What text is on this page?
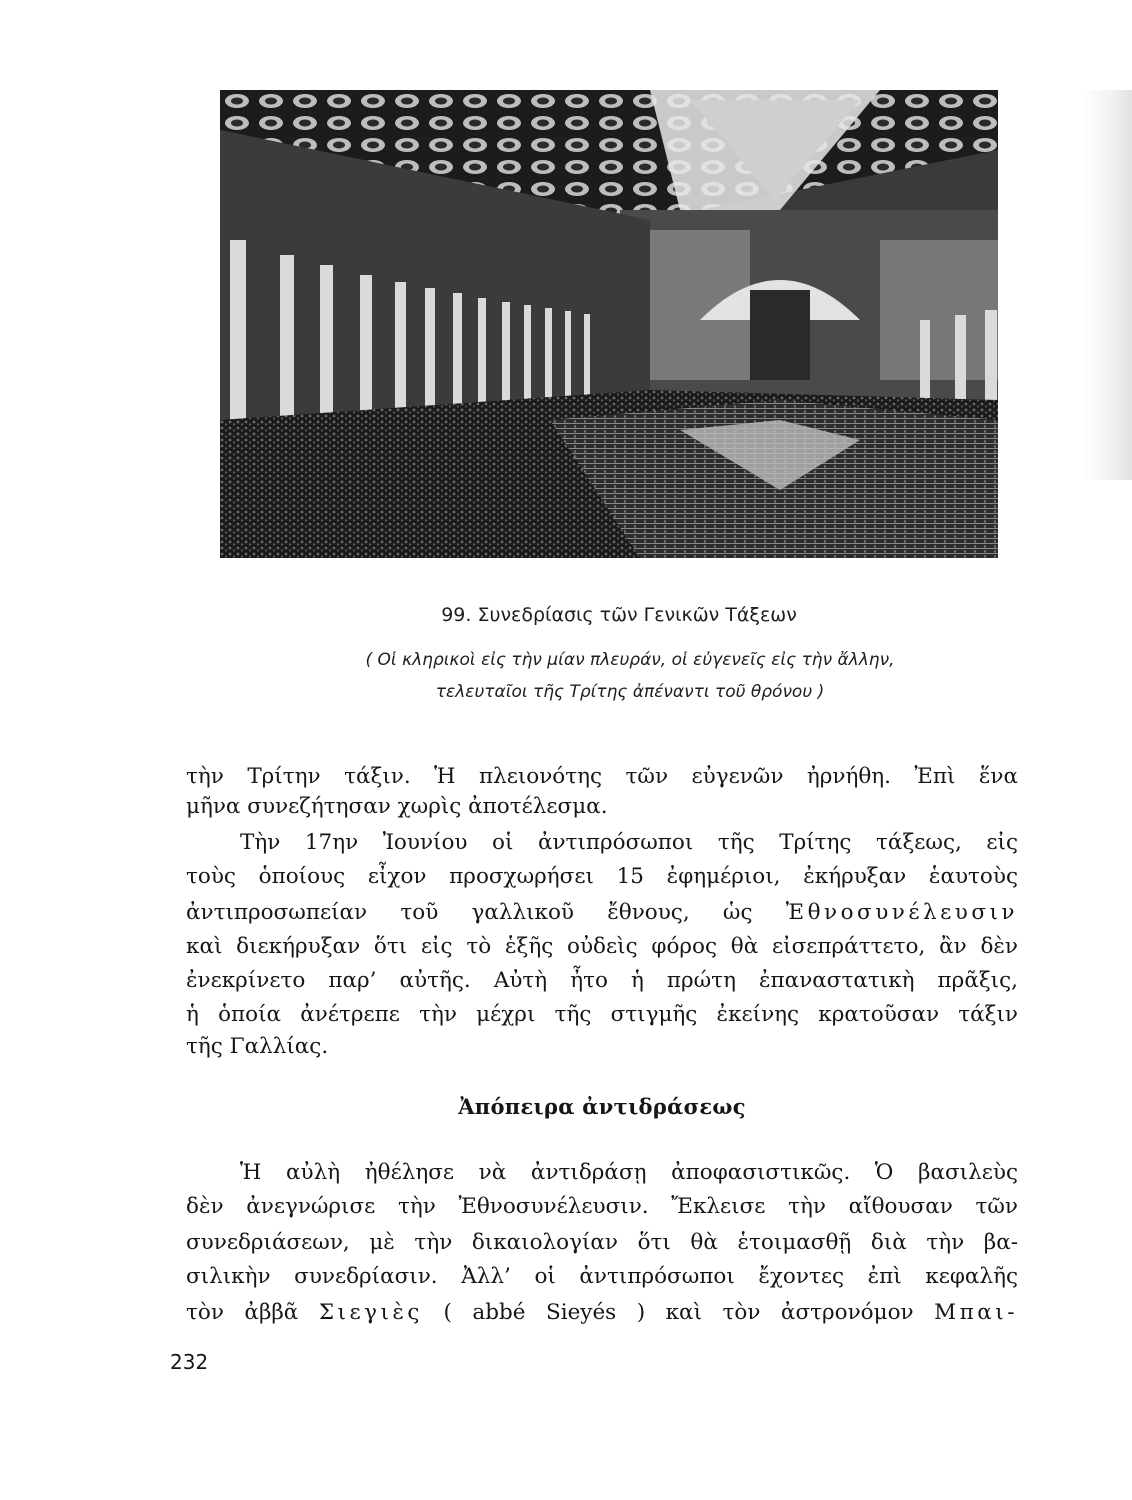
99. Συνεδρίασις τῶν Γενικῶν Τάξεων
( Οἱ κληρικοὶ εἰς τὴν μίαν πλευράν, οἱ εὐγενεῖς εἰς τὴν ἄλλην,
τελευταῖοι τῆς Τρίτης ἀπέναντι τοῦ θρόνου )
τὴν Τρίτην τάξιν. Ἡ πλειονότης τῶν εὐγενῶν ἠρνήθη. Ἐπὶ ἕνα
μῆνα συνεζήτησαν χωρὶς ἀποτέλεσμα.
Τὴν 17ην Ἰουνίου οἱ ἀντιπρόσωποι τῆς Τρίτης τάξεως, εἰς
τοὺς ὁποίους εἶχον προσχωρήσει 15 ἐφημέριοι, ἐκήρυξαν ἑαυτοὺς
ἀντιπροσωπείαν τοῦ γαλλικοῦ ἔθνους, ὡς Ἐθνοσυνέλευσιν
καὶ διεκήρυξαν ὅτι εἰς τὸ ἑξῆς οὐδεὶς φόρος θὰ εἰσεπράττετο, ἂν δὲν
ἐνεκρίνετο παρ’ αὐτῆς. Αὐτὴ ἦτο ἡ πρώτη ἐπαναστατικὴ πρᾶξις,
ἡ ὁποία ἀνέτρεπε τὴν μέχρι τῆς στιγμῆς ἐκείνης κρατοῦσαν τάξιν
τῆς Γαλλίας.
Ἀπόπειρα ἀντιδράσεως
Ἡ αὐλὴ ἠθέλησε νὰ ἀντιδράσῃ ἀποφασιστικῶς. Ὁ βασιλεὺς
δὲν ἀνεγνώρισε τὴν Ἐθνοσυνέλευσιν. Ἔκλεισε τὴν αἴθουσαν τῶν
συνεδριάσεων, μὲ τὴν δικαιολογίαν ὅτι θὰ ἑτοιμασθῇ διὰ τὴν βα-
σιλικὴν συνεδρίασιν. Ἀλλ’ οἱ ἀντιπρόσωποι ἔχοντες ἐπὶ κεφαλῆς
τὸν ἀββᾶ Σιεγιὲς ( abbé Sieyés ) καὶ τὸν ἀστρονόμον Μπαι-
232
